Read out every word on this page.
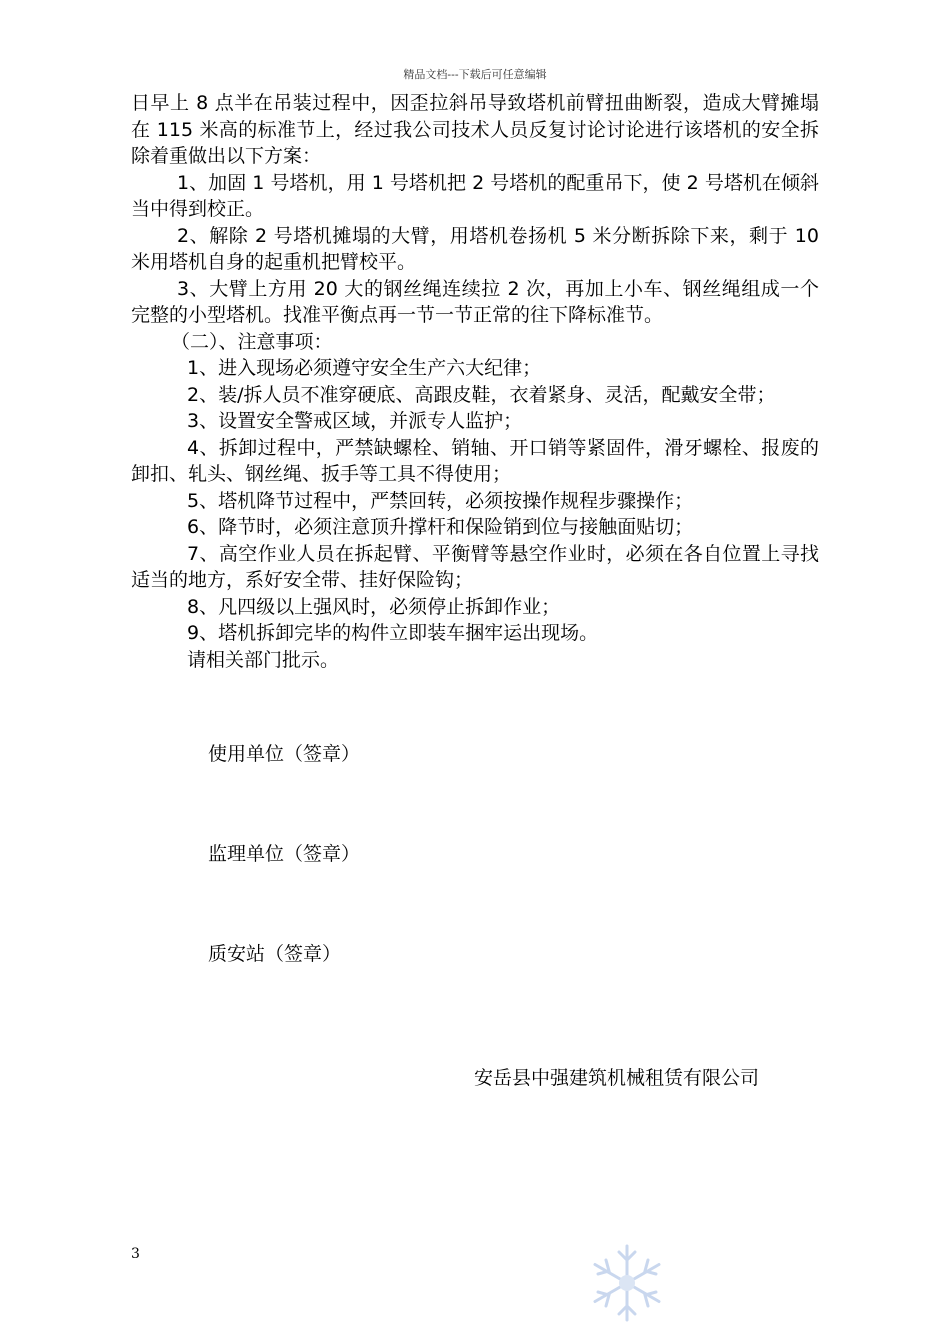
精品文档---下载后可任意编辑

日早上 8 点半在吊装过程中，因歪拉斜吊导致塔机前臂扭曲断裂，造成大臂摊塌在 115 米高的标准节上，经过我公司技术人员反复讨论讨论进行该塔机的安全拆除着重做出以下方案：

1、加固 1 号塔机，用 1 号塔机把 2 号塔机的配重吊下，使 2 号塔机在倾斜当中得到校正。

2、解除 2 号塔机摊塌的大臂，用塔机卷扬机 5 米分断拆除下来，剩于 10 米用塔机自身的起重机把臂校平。

3、大臂上方用 20 大的钢丝绳连续拉 2 次，再加上小车、钢丝绳组成一个完整的小型塔机。找准平衡点再一节一节正常的往下降标准节。

（二）、注意事项：

1、进入现场必须遵守安全生产六大纪律；

2、装/拆人员不准穿硬底、高跟皮鞋，衣着紧身、灵活，配戴安全带；

3、设置安全警戒区域，并派专人监护；

4、拆卸过程中，严禁缺螺栓、销轴、开口销等紧固件，滑牙螺栓、报废的卸扣、轧头、钢丝绳、扳手等工具不得使用；

5、塔机降节过程中，严禁回转，必须按操作规程步骤操作；

6、降节时，必须注意顶升撑杆和保险销到位与接触面贴切；

7、高空作业人员在拆起臂、平衡臂等悬空作业时，必须在各自位置上寻找适当的地方，系好安全带、挂好保险钩；

8、凡四级以上强风时，必须停止拆卸作业；

9、塔机拆卸完毕的构件立即装车捆牢运出现场。

请相关部门批示。

使用单位（签章）
监理单位（签章）
质安站（签章）
安岳县中强建筑机械租赁有限公司
3
